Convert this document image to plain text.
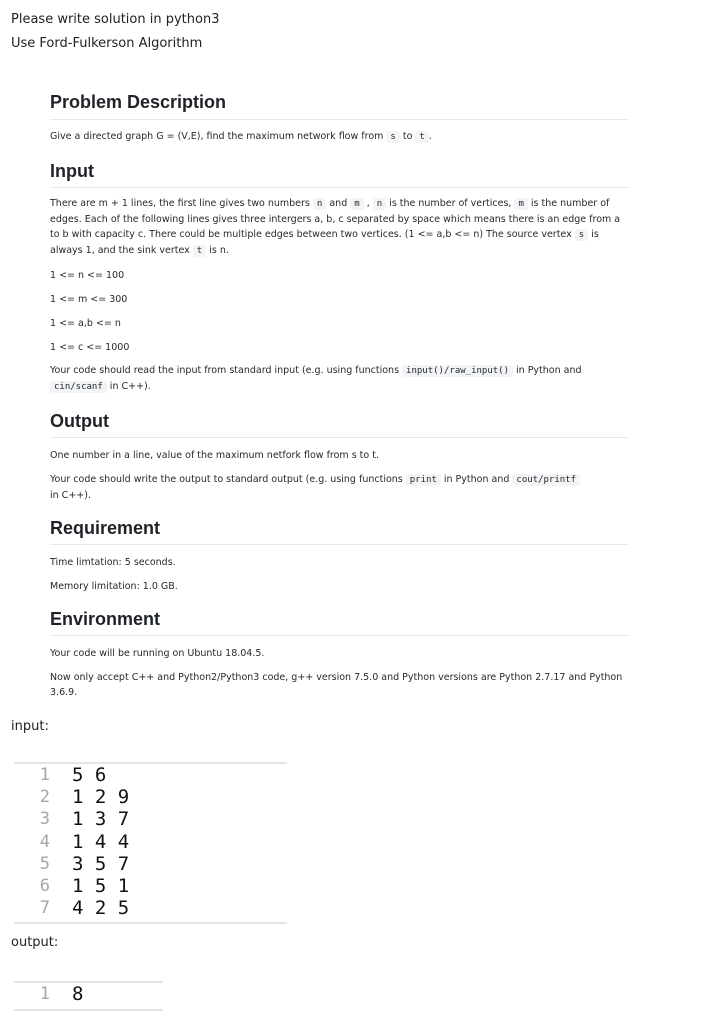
Please write solution in python3
Use Ford-Fulkerson Algorithm
Problem Description

Give a directed graph G = (V,E), find the maximum network flow from s to t .

Input

There are m + 1 lines, the first line gives two numbers n and m , n is the number of vertices, m is the number of edges. Each of the following lines gives three intergers a, b, c separated by space which means there is an edge from a to b with capacity c. There could be multiple edges between two vertices. (1 <= a,b <= n) The source vertex s is always 1, and the sink vertex t is n.

1 <= n <= 100

1 <= m <= 300

1 <= a,b <= n

1 <= c <= 1000

Your code should read the input from standard input (e.g. using functions input()/raw_input() in Python and
cin/scanf in C++).

Output

One number in a line, value of the maximum netfork flow from s to t.

Your code should write the output to standard output (e.g. using functions print in Python and cout/printf
in C++).

Requirement

Time limtation: 5 seconds.

Memory limitation: 1.0 GB.

Environment

Your code will be running on Ubuntu 18.04.5.

Now only accept C++ and Python2/Python3 code, g++ version 7.5.0 and Python versions are Python 2.7.17 and Python 3.6.9.

input:
1 5 6
2 1 2 9
3 1 3 7
4 1 4 4
5 3 5 7
6 1 5 1
7 4 2 5
output:
1 8
